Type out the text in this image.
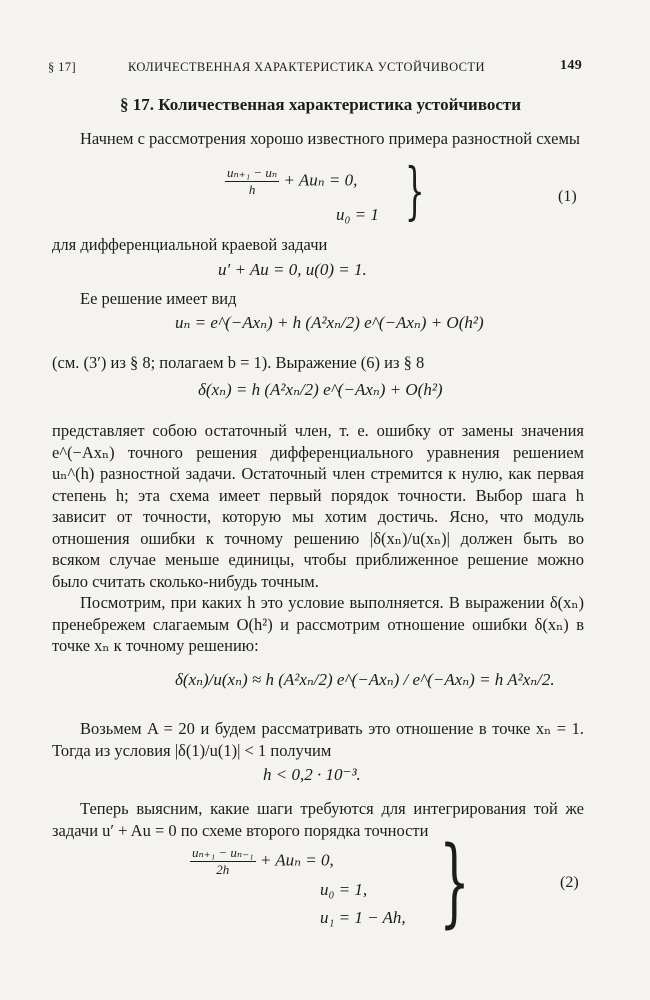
§ 17]	КОЛИЧЕСТВЕННАЯ ХАРАКТЕРИСТИКА УСТОЙЧИВОСТИ	149
§ 17. Количественная характеристика устойчивости
Начнем с рассмотрения хорошо известного примера разностной схемы
$\frac{\text{uₙ₊₁ − uₙ}}{h} + Au_n = 0$,
u₀ = 1 }	(1)
для дифференциальной краевой задачи
u′ + Au = 0, u(0) = 1.
Ее решение имеет вид
uₙ = e^(−Axₙ) + h (A²xₙ/2) e^(−Axₙ) + O(h²)
(см. (3′) из § 8; полагаем b = 1). Выражение (6) из § 8
δ(xₙ) = h (A²xₙ/2) e^(−Axₙ) + O(h²)
представляет собою остаточный член, т. е. ошибку от замены значения e^(−Axₙ) точного решения дифференциального уравнения решением uₙ^(h) разностной задачи. Остаточный член стремится к нулю, как первая степень h; эта схема имеет первый порядок точности. Выбор шага h зависит от точности, которую мы хотим достичь. Ясно, что модуль отношения ошибки к точному решению |δ(xₙ)/u(xₙ)| должен быть во всяком случае меньше единицы, чтобы приближенное решение можно было считать сколько-нибудь точным.
Посмотрим, при каких h это условие выполняется. В выражении δ(xₙ) пренебрежем слагаемым O(h²) и рассмотрим отношение ошибки δ(xₙ) в точке xₙ к точному решению:
δ(xₙ)/u(xₙ) ≈ h (A²xₙ/2) e^(−Axₙ) / e^(−Axₙ) = h A²xₙ/2.
Возьмем A = 20 и будем рассматривать это отношение в точке xₙ = 1. Тогда из условия |δ(1)/u(1)| < 1 получим
h < 0,2 · 10⁻³.
Теперь выясним, какие шаги требуются для интегрирования той же задачи u′ + Au = 0 по схеме второго порядка точности
$\frac{\text{uₙ₊₁ − uₙ₋₁}}{2h} + Au_n = 0$,
u₀ = 1,
u₁ = 1 − Ah, }	(2)
